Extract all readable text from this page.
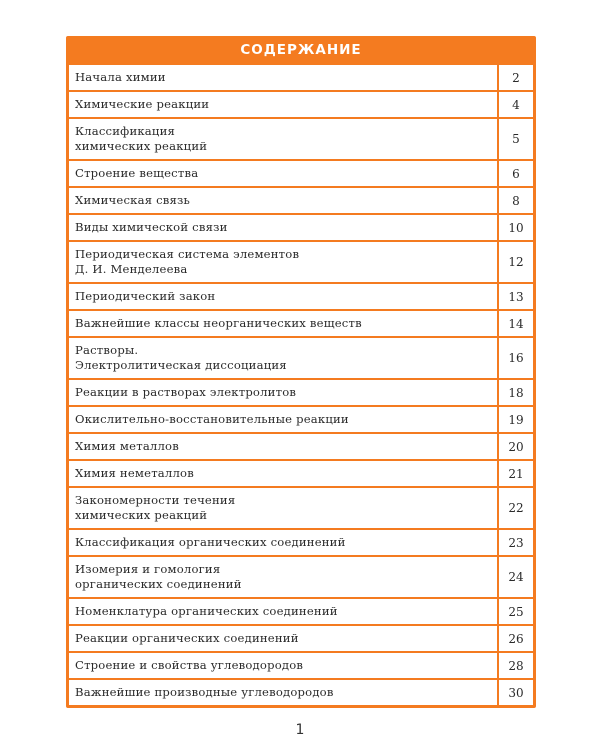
СОДЕРЖАНИЕ
Начала химии	2
Химические реакции	4
Классификация
химических реакций	5
Строение вещества	6
Химическая связь	8
Виды химической связи	10
Периодическая система элементов
Д. И. Менделеева	12
Периодический закон	13
Важнейшие классы неорганических веществ	14
Растворы.
Электролитическая диссоциация	16
Реакции в растворах электролитов	18
Окислительно-восстановительные реакции	19
Химия металлов	20
Химия неметаллов	21
Закономерности течения
химических реакций	22
Классификация органических соединений	23
Изомерия и гомология
органических соединений	24
Номенклатура органических соединений	25
Реакции органических соединений	26
Строение и свойства углеводородов	28
Важнейшие производные углеводородов	30
1
